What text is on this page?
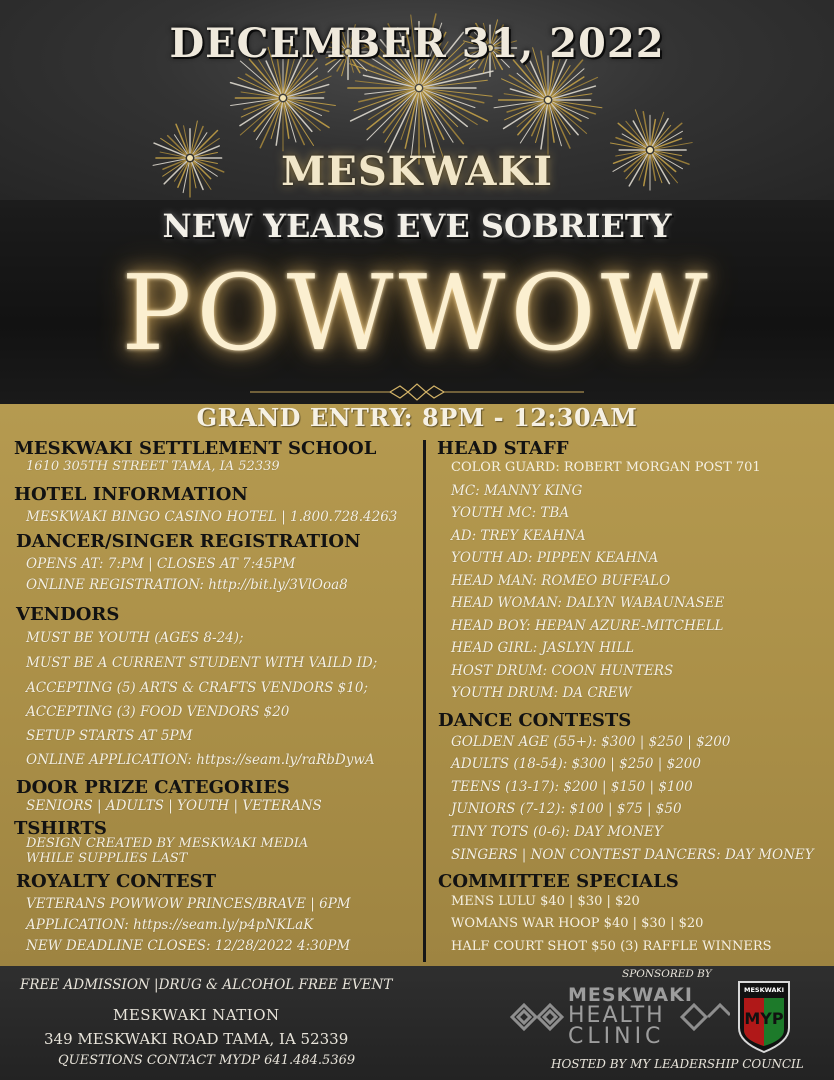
DECEMBER 31, 2022
MESKWAKI
NEW YEARS EVE SOBRIETY
POWWOW
GRAND ENTRY: 8PM - 12:30AM
MESKWAKI SETTLEMENT SCHOOL
1610 305TH STREET TAMA, IA 52339
HOTEL INFORMATION
MESKWAKI BINGO CASINO HOTEL | 1.800.728.4263
DANCER/SINGER REGISTRATION
OPENS AT: 7:PM | CLOSES AT 7:45PM
ONLINE REGISTRATION: http://bit.ly/3VlOoa8
VENDORS
MUST BE YOUTH (AGES 8-24);
MUST BE A CURRENT STUDENT WITH VAILD ID;
ACCEPTING (5) ARTS & CRAFTS VENDORS $10;
ACCEPTING (3) FOOD VENDORS $20
SETUP STARTS AT 5PM
ONLINE APPLICATION: https://seam.ly/raRbDywA
DOOR PRIZE CATEGORIES
SENIORS | ADULTS | YOUTH | VETERANS
TSHIRTS
DESIGN CREATED BY MESKWAKI MEDIA
WHILE SUPPLIES LAST
ROYALTY CONTEST
VETERANS POWWOW PRINCES/BRAVE | 6PM
APPLICATION: https://seam.ly/p4pNKLaK
NEW DEADLINE CLOSES: 12/28/2022 4:30PM
HEAD STAFF
COLOR GUARD: ROBERT MORGAN POST 701
MC: MANNY KING
YOUTH MC: TBA
AD: TREY KEAHNA
YOUTH AD: PIPPEN KEAHNA
HEAD MAN: ROMEO BUFFALO
HEAD WOMAN: DALYN WABAUNASEE
HEAD BOY: HEPAN AZURE-MITCHELL
HEAD GIRL: JASLYN HILL
HOST DRUM: COON HUNTERS
YOUTH DRUM: DA CREW
DANCE CONTESTS
GOLDEN AGE (55+): $300 | $250 | $200
ADULTS (18-54): $300 | $250 | $200
TEENS (13-17): $200 | $150 | $100
JUNIORS (7-12): $100 | $75 | $50
TINY TOTS (0-6): DAY MONEY
SINGERS | NON CONTEST DANCERS: DAY MONEY
COMMITTEE SPECIALS
MENS LULU $40 | $30 | $20
WOMANS WAR HOOP $40 | $30 | $20
HALF COURT SHOT $50 (3) RAFFLE WINNERS
FREE ADMISSION |DRUG & ALCOHOL FREE EVENT
MESKWAKI NATION
349 MESKWAKI ROAD TAMA, IA 52339
QUESTIONS CONTACT MYDP 641.484.5369
SPONSORED BY
MESKWAKI
HEALTH
CLINIC
MESKWAKI
MYP
HOSTED BY MY LEADERSHIP COUNCIL
